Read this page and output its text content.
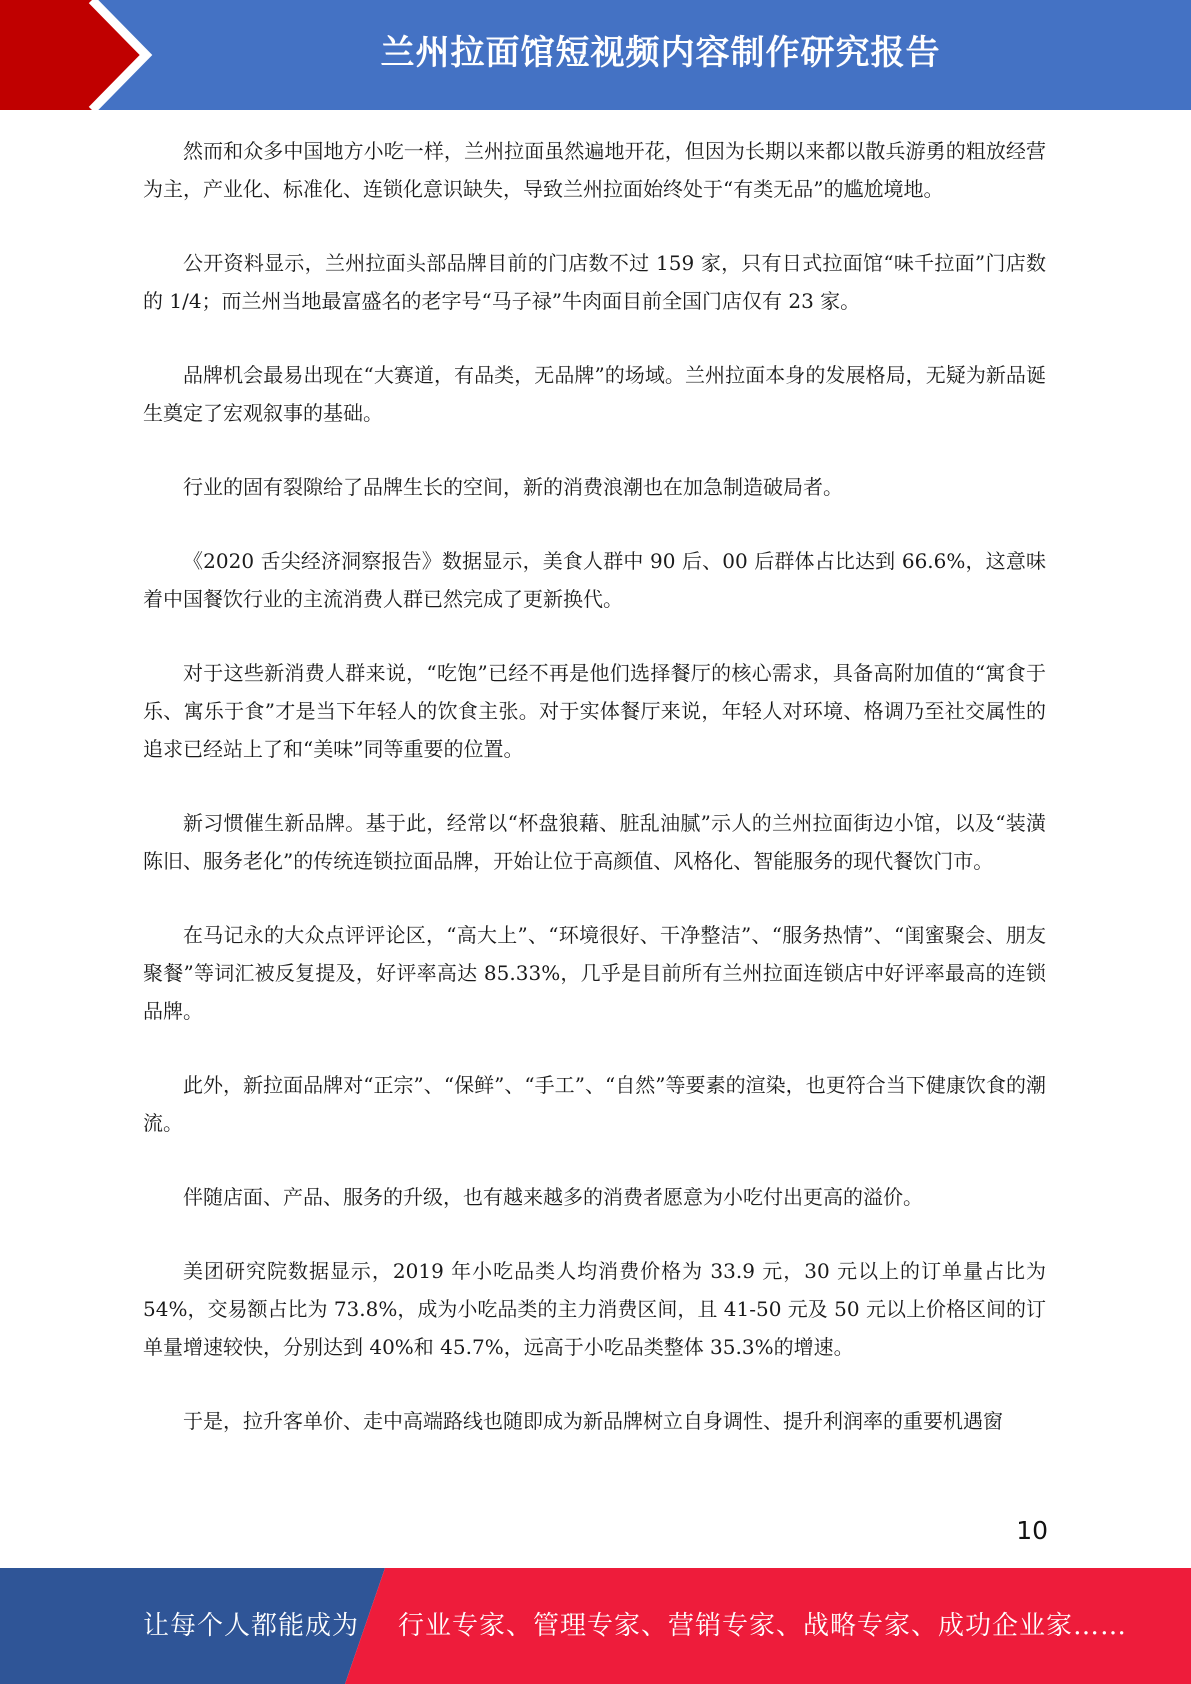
兰州拉面馆短视频内容制作研究报告

然而和众多中国地方小吃一样，兰州拉面虽然遍地开花，但因为长期以来都以散兵游勇的粗放经营为主，产业化、标准化、连锁化意识缺失，导致兰州拉面始终处于“有类无品”的尴尬境地。

公开资料显示，兰州拉面头部品牌目前的门店数不过 159 家，只有日式拉面馆“味千拉面”门店数的 1/4；而兰州当地最富盛名的老字号“马子禄”牛肉面目前全国门店仅有 23 家。

品牌机会最易出现在“大赛道，有品类，无品牌”的场域。兰州拉面本身的发展格局，无疑为新品诞生奠定了宏观叙事的基础。

行业的固有裂隙给了品牌生长的空间，新的消费浪潮也在加急制造破局者。

《2020 舌尖经济洞察报告》数据显示，美食人群中 90 后、00 后群体占比达到 66.6%，这意味着中国餐饮行业的主流消费人群已然完成了更新换代。

对于这些新消费人群来说，“吃饱”已经不再是他们选择餐厅的核心需求，具备高附加值的“寓食于乐、寓乐于食”才是当下年轻人的饮食主张。对于实体餐厅来说，年轻人对环境、格调乃至社交属性的追求已经站上了和“美味”同等重要的位置。

新习惯催生新品牌。基于此，经常以“杯盘狼藉、脏乱油腻”示人的兰州拉面街边小馆，以及“装潢陈旧、服务老化”的传统连锁拉面品牌，开始让位于高颜值、风格化、智能服务的现代餐饮门市。

在马记永的大众点评评论区，“高大上”、“环境很好、干净整洁”、“服务热情”、“闺蜜聚会、朋友聚餐”等词汇被反复提及，好评率高达 85.33%，几乎是目前所有兰州拉面连锁店中好评率最高的连锁品牌。

此外，新拉面品牌对“正宗”、“保鲜”、“手工”、“自然”等要素的渲染，也更符合当下健康饮食的潮流。

伴随店面、产品、服务的升级，也有越来越多的消费者愿意为小吃付出更高的溢价。

美团研究院数据显示，2019 年小吃品类人均消费价格为 33.9 元，30 元以上的订单量占比为 54%，交易额占比为 73.8%，成为小吃品类的主力消费区间，且 41-50 元及 50 元以上价格区间的订单量增速较快，分别达到 40%和 45.7%，远高于小吃品类整体 35.3%的增速。

于是，拉升客单价、走中高端路线也随即成为新品牌树立自身调性、提升利润率的重要机遇窗

10
让每个人都能成为 行业专家、管理专家、营销专家、战略专家、成功企业家……
